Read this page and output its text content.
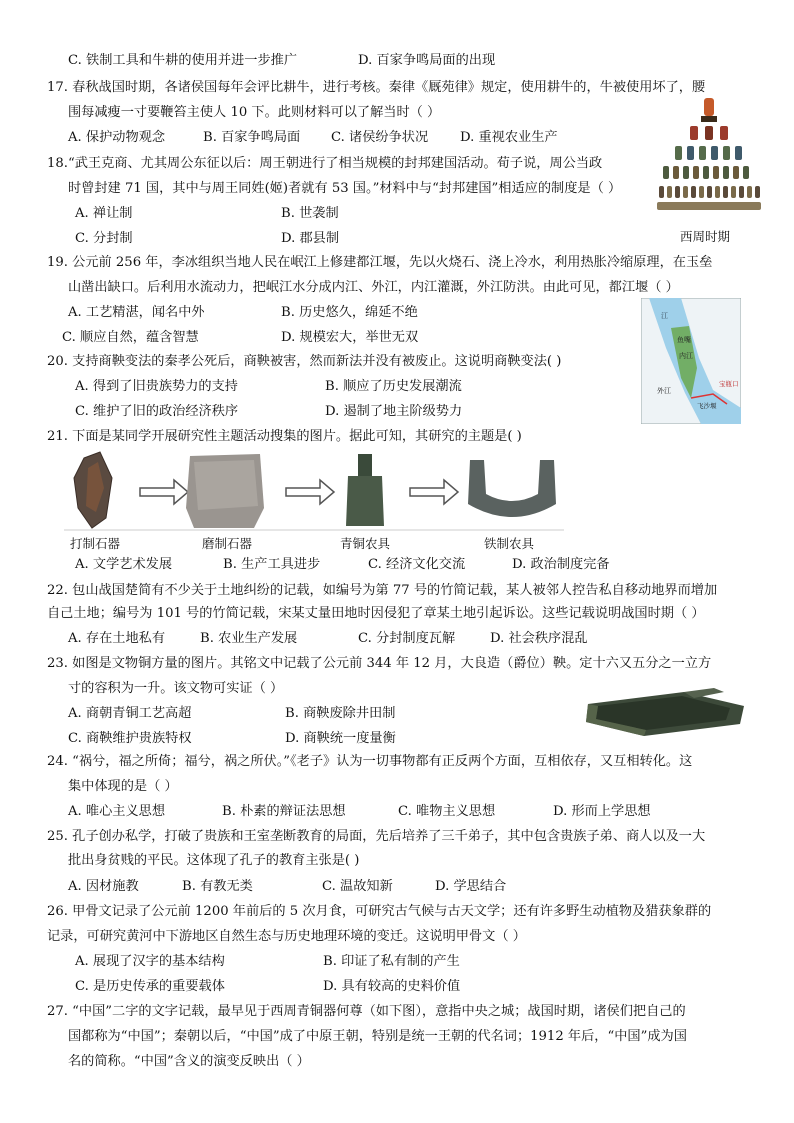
C. 铁制工具和牛耕的使用并进一步推广	D. 百家争鸣局面的出现
17. 春秋战国时期，各诸侯国每年会评比耕牛，进行考核。秦律《厩苑律》规定，使用耕牛的，牛被使用坏了，腰
围每减瘦一寸要鞭笞主使人 10 下。此则材料可以了解当时（ ）
A. 保护动物观念	B. 百家争鸣局面 C. 诸侯纷争状况 D. 重视农业生产
18.“武王克商、尤其周公东征以后：周王朝进行了相当规模的封邦建国活动。荀子说，周公当政
时曾封建 71 国，其中与周王同姓(姬)者就有 53 国。”材料中与“封邦建国”相适应的制度是（ ）
A. 禅让制	B. 世袭制
C. 分封制	D. 郡县制	西周时期
19. 公元前 256 年，李冰组织当地人民在岷江上修建都江堰，先以火烧石、浇上冷水，利用热胀冷缩原理，在玉垒
山凿出缺口。后利用水流动力，把岷江水分成内江、外江，内江灌溉，外江防洪。由此可见，都江堰（ ）
A. 工艺精湛，闻名中外	B. 历史悠久，绵延不绝
C. 顺应自然，蕴含智慧	D. 规模宏大，举世无双
内江
外江
鱼嘴
飞沙堰
宝瓶口
江
20. 支持商鞅变法的秦孝公死后，商鞅被害，然而新法并没有被废止。这说明商鞅变法( )
A. 得到了旧贵族势力的支持	B. 顺应了历史发展潮流
C. 维护了旧的政治经济秩序	D. 遏制了地主阶级势力
21. 下面是某同学开展研究性主题活动搜集的图片。据此可知，其研究的主题是( )
打制石器	磨制石器	青铜农具	铁制农具
A. 文学艺术发展	B. 生产工具进步	C. 经济文化交流	D. 政治制度完备
22. 包山战国楚简有不少关于土地纠纷的记载，如编号为第 77 号的竹简记载，某人被邻人控告私自移动地界而增加
自己土地；编号为 101 号的竹简记载，宋某丈量田地时因侵犯了章某土地引起诉讼。这些记载说明战国时期（ ）
A. 存在土地私有	B. 农业生产发展	C. 分封制度瓦解	D. 社会秩序混乱
23. 如图是文物铜方量的图片。其铭文中记载了公元前 344 年 12 月，大良造（爵位）鞅。定十六又五分之一立方
寸的容积为一升。该文物可实证（ ）
A. 商朝青铜工艺高超	B. 商鞅废除井田制
C. 商鞅维护贵族特权	D. 商鞅统一度量衡
24. “祸兮，福之所倚；福兮，祸之所伏。”《老子》认为一切事物都有正反两个方面，互相依存，又互相转化。这
集中体现的是（ ）
A. 唯心主义思想	B. 朴素的辩证法思想	C. 唯物主义思想	D. 形而上学思想
25. 孔子创办私学，打破了贵族和王室垄断教育的局面，先后培养了三千弟子，其中包含贵族子弟、商人以及一大
批出身贫贱的平民。这体现了孔子的教育主张是( )
A. 因材施教	B. 有教无类	C. 温故知新	D. 学思结合
26. 甲骨文记录了公元前 1200 年前后的 5 次月食，可研究古气候与古天文学；还有许多野生动植物及猎获象群的
记录，可研究黄河中下游地区自然生态与历史地理环境的变迁。这说明甲骨文（ ）
A. 展现了汉字的基本结构	B. 印证了私有制的产生
C. 是历史传承的重要载体	D. 具有较高的史料价值
27. “中国”二字的文字记载，最早见于西周青铜器何尊（如下图），意指中央之城；战国时期，诸侯们把自己的
国都称为“中国”；秦朝以后，“中国”成了中原王朝，特别是统一王朝的代名词；1912 年后，“中国”成为国
名的简称。“中国”含义的演变反映出（ ）
